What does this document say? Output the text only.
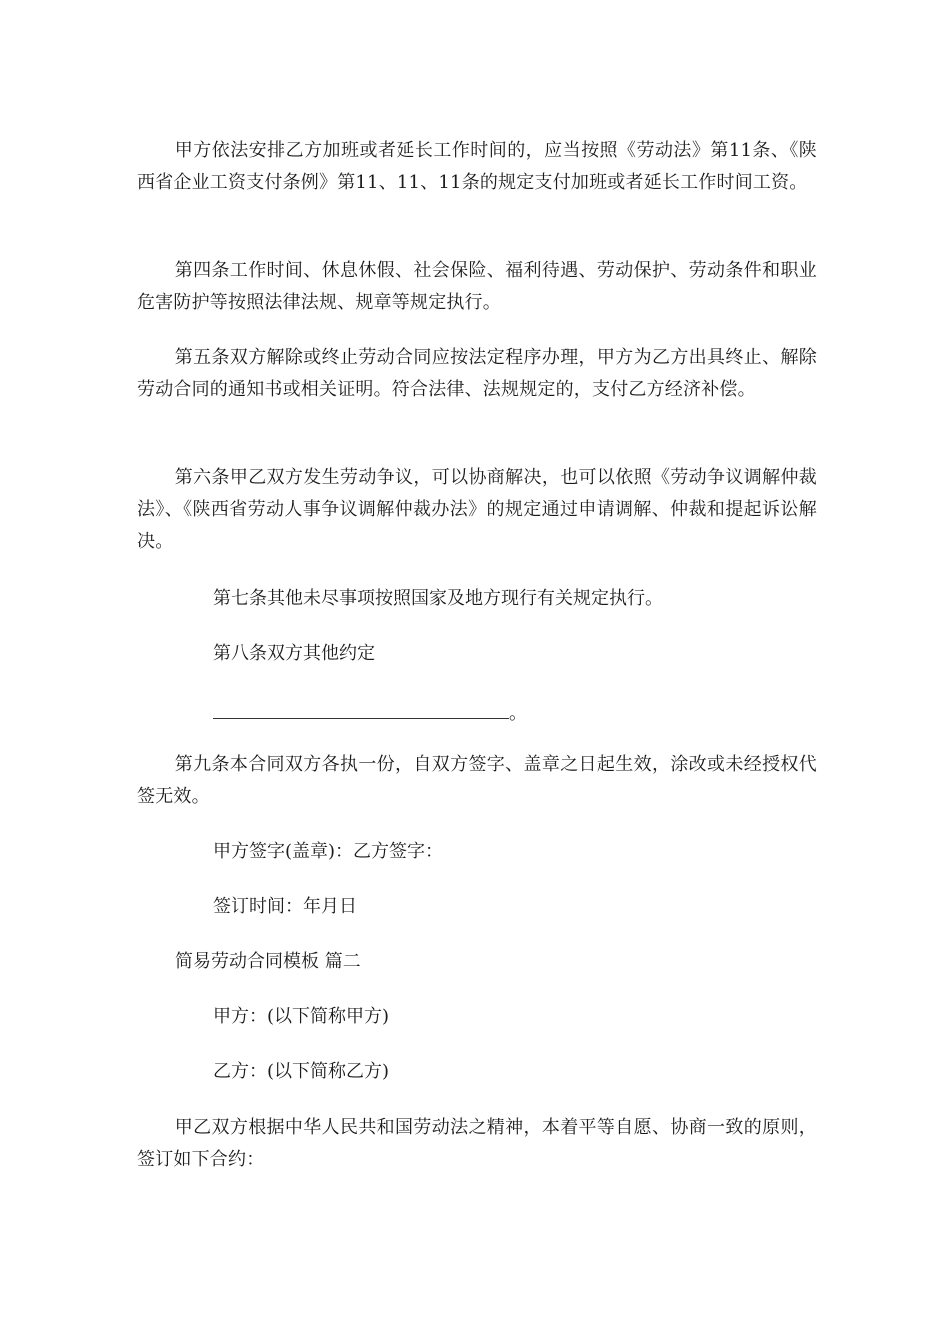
甲方依法安排乙方加班或者延长工作时间的，应当按照《劳动法》第11条、《陕西省企业工资支付条例》第11、11、11条的规定支付加班或者延长工作时间工资。

第四条工作时间、休息休假、社会保险、福利待遇、劳动保护、劳动条件和职业危害防护等按照法律法规、规章等规定执行。

第五条双方解除或终止劳动合同应按法定程序办理，甲方为乙方出具终止、解除劳动合同的通知书或相关证明。符合法律、法规规定的，支付乙方经济补偿。

第六条甲乙双方发生劳动争议，可以协商解决，也可以依照《劳动争议调解仲裁法》、《陕西省劳动人事争议调解仲裁办法》的规定通过申请调解、仲裁和提起诉讼解决。

第七条其他未尽事项按照国家及地方现行有关规定执行。

第八条双方其他约定

。

第九条本合同双方各执一份，自双方签字、盖章之日起生效，涂改或未经授权代签无效。

甲方签字(盖章)：乙方签字：

签订时间：年月日

简易劳动合同模板 篇二

甲方：(以下简称甲方)

乙方：(以下简称乙方)

甲乙双方根据中华人民共和国劳动法之精神，本着平等自愿、协商一致的原则，签订如下合约：
